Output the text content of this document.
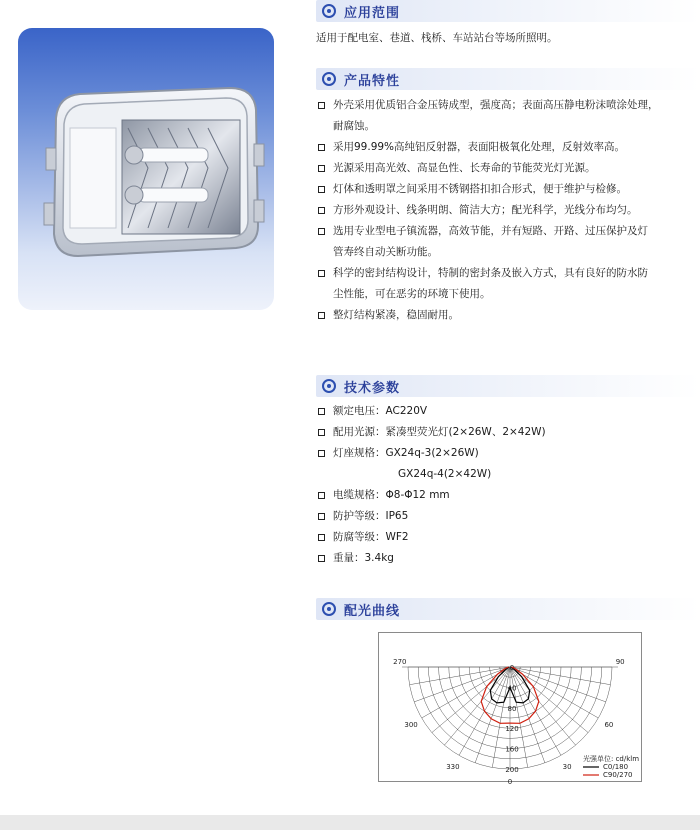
应用范围
适用于配电室、巷道、栈桥、车站站台等场所照明。
产品特性
外壳采用优质铝合金压铸成型，强度高；表面高压静电粉沫喷涂处理，
耐腐蚀。
采用99.99%高纯铝反射器，表面阳极氧化处理，反射效率高。
光源采用高光效、高显色性、长寿命的节能荧光灯光源。
灯体和透明罩之间采用不锈钢搭扣扣合形式，便于维护与检修。
方形外观设计、线条明朗、简洁大方；配光科学，光线分布均匀。
选用专业型电子镇流器，高效节能，并有短路、开路、过压保护及灯
管寿终自动关断功能。
科学的密封结构设计，特制的密封条及嵌入方式，具有良好的防水防
尘性能，可在恶劣的环境下使用。
整灯结构紧凑，稳固耐用。
技术参数
额定电压：AC220V
配用光源：紧凑型荧光灯(2×26W、2×42W)
灯座规格：GX24q-3(2×26W)
GX24q-4(2×42W)
电缆规格：Φ8-Φ12 mm
防护等级：IP65
防腐等级：WF2
重量：3.4kg
配光曲线
0
40
80
120
160
200
270	90
300	60
330	30
0
光强单位: cd/klm
C0/180
C90/270
